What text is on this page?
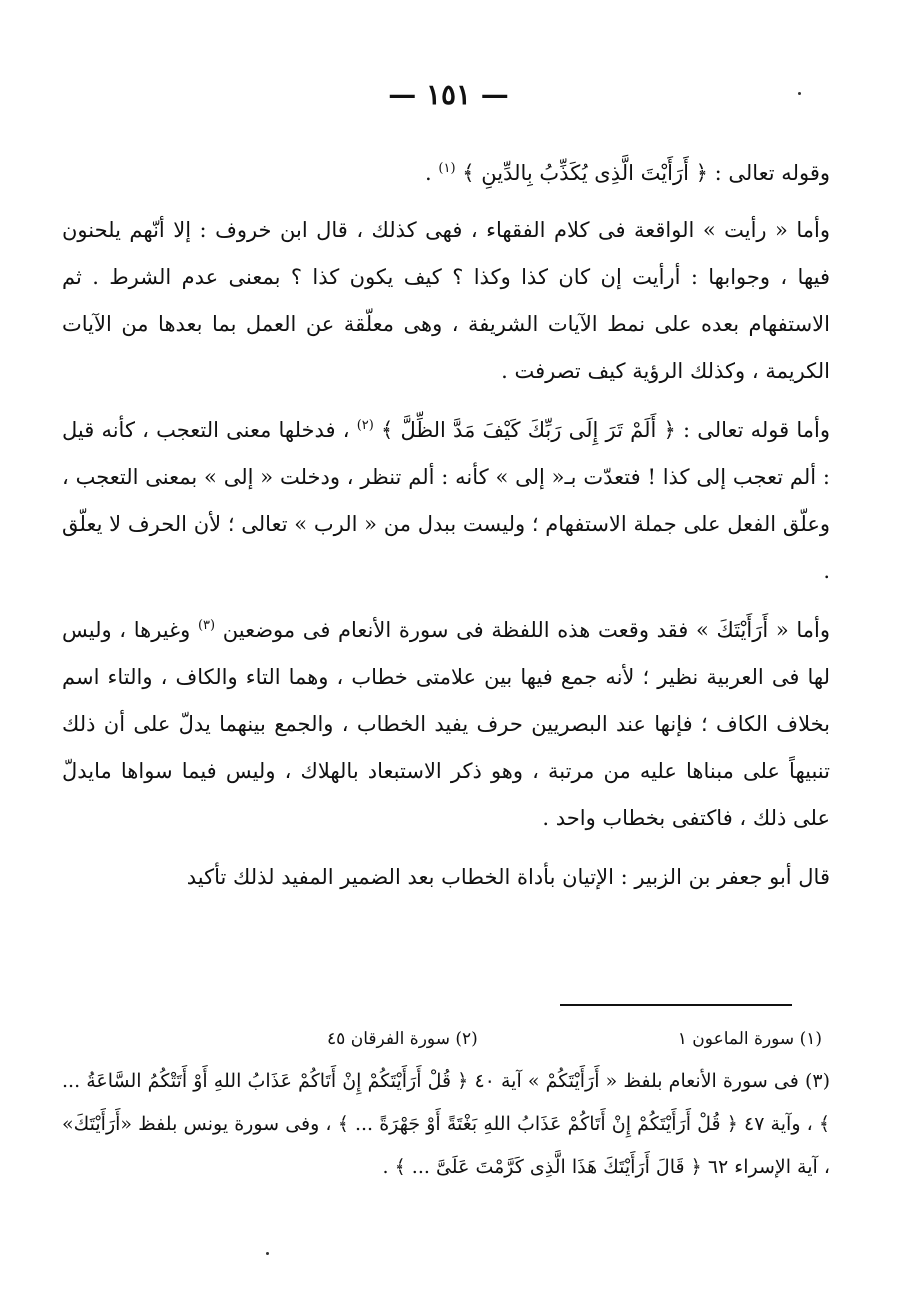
— ١٥١ —

وقوله تعالى : ﴿ أَرَأَيْتَ الَّذِى يُكَذِّبُ بِالدِّينِ ﴾ $^{(١)}$ .

وأما « رأيت » الواقعة فى كلام الفقهاء ، فهى كذلك ، قال ابن خروف : إلا أنّهم يلحنون فيها ، وجوابها : أرأيت إن كان كذا وكذا ؟ كيف يكون كذا ؟ بمعنى عدم الشرط . ثم الاستفهام بعده على نمط الآيات الشريفة ، وهى معلّقة عن العمل بما بعدها من الآيات الكريمة ، وكذلك الرؤية كيف تصرفت .

وأما قوله تعالى : ﴿ أَلَمْ تَرَ إِلَى رَبِّكَ كَيْفَ مَدَّ الظِّلَّ ﴾ $^{(٢)}$ ، فدخلها معنى التعجب ، كأنه قيل : ألم تعجب إلى كذا ! فتعدّت بـ« إلى » كأنه : ألم تنظر ، ودخلت « إلى » بمعنى التعجب ، وعلّق الفعل على جملة الاستفهام ؛ وليست ببدل من « الرب » تعالى ؛ لأن الحرف لا يعلّق .

وأما « أَرَأَيْتَكَ » فقد وقعت هذه اللفظة فى سورة الأنعام فى موضعين $^{(٣)}$ وغيرها ، وليس لها فى العربية نظير ؛ لأنه جمع فيها بين علامتى خطاب ، وهما التاء والكاف ، والتاء اسم بخلاف الكاف ؛ فإنها عند البصريين حرف يفيد الخطاب ، والجمع بينهما يدلّ على أن ذلك تنبيهاً على مبناها عليه من مرتبة ، وهو ذكر الاستبعاد بالهلاك ، وليس فيما سواها مايدلّ على ذلك ، فاكتفى بخطاب واحد .

قال أبو جعفر بن الزبير : الإتيان بأداة الخطاب بعد الضمير المفيد لذلك تأكيد

(١) سورة الماعون ١
(٢) سورة الفرقان ٤٥

(٣) فى سورة الأنعام بلفظ « أَرَأَيْتَكُمْ » آية ٤٠ ﴿ قُلْ أَرَأَيْتَكُمْ إِنْ أَتَاكُمْ عَذَابُ اللهِ أَوْ أَتَتْكُمُ السَّاعَةُ ... ﴾ ، وآية ٤٧ ﴿ قُلْ أَرَأَيْتَكُمْ إِنْ أَتَاكُمْ عَذَابُ اللهِ بَغْتَةً أَوْ جَهْرَةً ... ﴾ ، وفى سورة يونس بلفظ «أَرَأَيْتَكَ» ، آية الإسراء ٦٢ ﴿ قَالَ أَرَأَيْتَكَ هَذَا الَّذِى كَرَّمْتَ عَلَىَّ ... ﴾ .
